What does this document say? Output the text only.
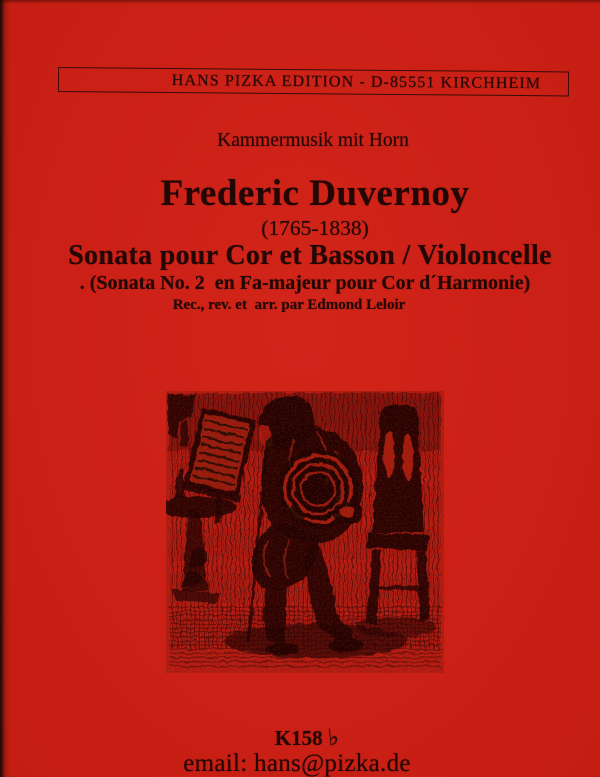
HANS PIZKA EDITION - D-85551 KIRCHHEIM
Kammermusik mit Horn
Frederic Duvernoy
(1765-1838)
Sonata pour Cor et Basson / Violoncelle
. (Sonata No. 2  en Fa-majeur pour Cor d´Harmonie)
Rec., rev. et  arr. par Edmond Leloir
K158 ♭
email: hans@pizka.de
